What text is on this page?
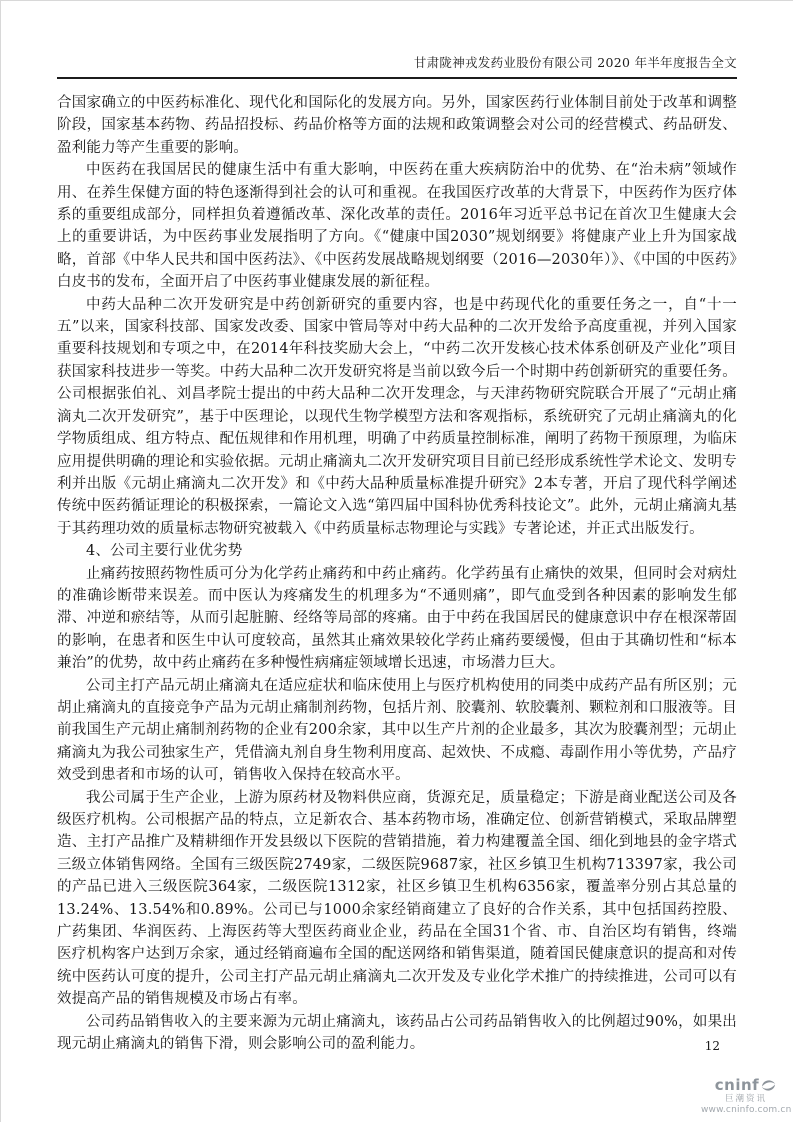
甘肃陇神戎发药业股份有限公司 2020 年半年度报告全文

合国家确立的中医药标准化、现代化和国际化的发展方向。另外，国家医药行业体制目前处于改革和调整阶段，国家基本药物、药品招投标、药品价格等方面的法规和政策调整会对公司的经营模式、药品研发、盈利能力等产生重要的影响。

中医药在我国居民的健康生活中有重大影响，中医药在重大疾病防治中的优势、在“治未病”领域作用、在养生保健方面的特色逐渐得到社会的认可和重视。在我国医疗改革的大背景下，中医药作为医疗体系的重要组成部分，同样担负着遵循改革、深化改革的责任。2016年习近平总书记在首次卫生健康大会上的重要讲话，为中医药事业发展指明了方向。《“健康中国2030”规划纲要》将健康产业上升为国家战略，首部《中华人民共和国中医药法》、《中医药发展战略规划纲要（2016—2030年）》、《中国的中医药》白皮书的发布，全面开启了中医药事业健康发展的新征程。

中药大品种二次开发研究是中药创新研究的重要内容，也是中药现代化的重要任务之一，自“十一五”以来，国家科技部、国家发改委、国家中管局等对中药大品种的二次开发给予高度重视，并列入国家重要科技规划和专项之中，在2014年科技奖励大会上，“中药二次开发核心技术体系创研及产业化”项目获国家科技进步一等奖。中药大品种二次开发研究将是当前以致今后一个时期中药创新研究的重要任务。公司根据张伯礼、刘昌孝院士提出的中药大品种二次开发理念，与天津药物研究院联合开展了“元胡止痛滴丸二次开发研究”，基于中医理论，以现代生物学模型方法和客观指标，系统研究了元胡止痛滴丸的化学物质组成、组方特点、配伍规律和作用机理，明确了中药质量控制标准，阐明了药物干预原理，为临床应用提供明确的理论和实验依据。元胡止痛滴丸二次开发研究项目目前已经形成系统性学术论文、发明专利并出版《元胡止痛滴丸二次开发》和《中药大品种质量标准提升研究》2本专著，开启了现代科学阐述传统中医药循证理论的积极探索，一篇论文入选“第四届中国科协优秀科技论文”。此外，元胡止痛滴丸基于其药理功效的质量标志物研究被载入《中药质量标志物理论与实践》专著论述，并正式出版发行。

4、公司主要行业优劣势

止痛药按照药物性质可分为化学药止痛药和中药止痛药。化学药虽有止痛快的效果，但同时会对病灶的准确诊断带来误差。而中医认为疼痛发生的机理多为“不通则痛”，即气血受到各种因素的影响发生郁滞、冲逆和瘀结等，从而引起脏腑、经络等局部的疼痛。由于中药在我国居民的健康意识中存在根深蒂固的影响，在患者和医生中认可度较高，虽然其止痛效果较化学药止痛药要缓慢，但由于其确切性和“标本兼治”的优势，故中药止痛药在多种慢性病痛症领域增长迅速，市场潜力巨大。

公司主打产品元胡止痛滴丸在适应症状和临床使用上与医疗机构使用的同类中成药产品有所区别；元胡止痛滴丸的直接竞争产品为元胡止痛制剂药物，包括片剂、胶囊剂、软胶囊剂、颗粒剂和口服液等。目前我国生产元胡止痛制剂药物的企业有200余家，其中以生产片剂的企业最多，其次为胶囊剂型；元胡止痛滴丸为我公司独家生产，凭借滴丸剂自身生物利用度高、起效快、不成瘾、毒副作用小等优势，产品疗效受到患者和市场的认可，销售收入保持在较高水平。

我公司属于生产企业，上游为原药材及物料供应商，货源充足，质量稳定；下游是商业配送公司及各级医疗机构。公司根据产品的特点，立足新农合、基本药物市场，准确定位、创新营销模式，采取品牌塑造、主打产品推广及精耕细作开发县级以下医院的营销措施，着力构建覆盖全国、细化到地县的金字塔式三级立体销售网络。全国有三级医院2749家，二级医院9687家，社区乡镇卫生机构713397家，我公司的产品已进入三级医院364家，二级医院1312家，社区乡镇卫生机构6356家，覆盖率分别占其总量的13.24%、13.54%和0.89%。公司已与1000余家经销商建立了良好的合作关系，其中包括国药控股、广药集团、华润医药、上海医药等大型医药商业企业，药品在全国31个省、市、自治区均有销售，终端医疗机构客户达到万余家，通过经销商遍布全国的配送网络和销售渠道，随着国民健康意识的提高和对传统中医药认可度的提升，公司主打产品元胡止痛滴丸二次开发及专业化学术推广的持续推进，公司可以有效提高产品的销售规模及市场占有率。

公司药品销售收入的主要来源为元胡止痛滴丸，该药品占公司药品销售收入的比例超过90%，如果出现元胡止痛滴丸的销售下滑，则会影响公司的盈利能力。	12
cninf
巨潮资讯
www.cninfo.com.cn
